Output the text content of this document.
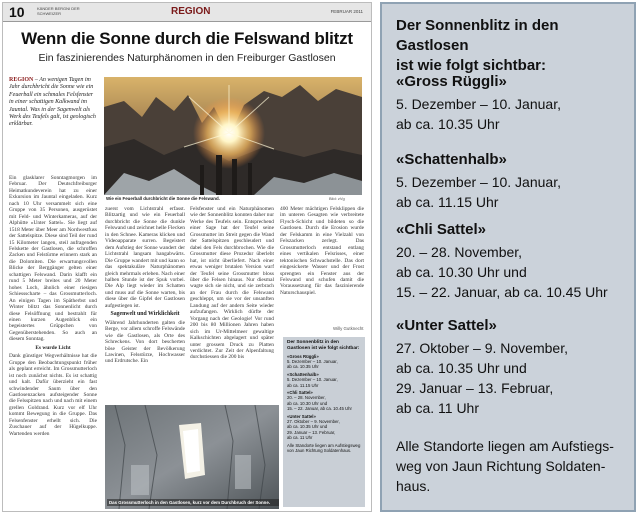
10	KÄNDER BERGNI DER SCHWEIZER	REGION	FEBRUAR 2011
Wenn die Sonne durch die Felswand blitzt
Ein faszinierendes Naturphänomen in den Freiburger Gastlosen
REGION – An wenigen Tagen im Jahr durchbricht die Sonne wie ein Feuerball ein schmales Felsfenster in einer schattigen Kalkwand im Jauntal. Was in der Sagenwelt als Werk des Teufels galt, ist geologisch erklärbar.
Ein glasklarer Sonntagmorgen im Februar. Der Deutschfreiburger Heimatkundeverein hat zu einer Exkursion im Jauntal eingeladen. Kurz nach 10 Uhr versammelt sich eine Gruppe von 35 Personen, ausgerüstet mit Feld- und Winterkameras, auf der Alphütte «Unter Sattel». Sie liegt auf 1518 Meter über Meer am Nordwestfuss der Sattelspitze. Diese sind Teil der rund 15 Kilometer langen, steil aufragenden Felskette der Gastlosen, die schroffen Zacken und Felstürme erinnern stark an die Dolomiten. Die erwartungsvollen Blicke der Berggänger gelten einer schattigen Felswand. Darin klafft ein rund 5 Meter breites und 20 Meter hohes Loch, ähnlich einer riesigen Schiessscharte – das Grossmutterloch. An einigen Tagen im Spätherbst und Winter blitzt das Sonnenlicht durch diese Felsöffnung und bestrahlt für einen kurzen Augenblick ein begeistertes Grüppchen von Gegenüberstehenden. So auch an diesem Sonntag.
Es wurde Licht
Dank günstiger Wegverhältnisse hat die Gruppe den Beobachtungspunkt früher als geplant erreicht. Im Grossmutterloch ist noch zunächst nichts. Es ist schattig und kalt. Dafür überzieht ein fast schwindender Saum über den Gastlosenzacken aufsteigender Sonne die Felsspitzen nach und nach mit einem grellen Goldrand. Kurz vor elf Uhr kommt Bewegung in die Gruppe. Das Felsenfenster erhellt sich. Die Zuschauer auf der Hügelkuppe. Wartenden werden
Wie ein Feuerball durchbricht die Sonne die Felswand.	Bild: zVg
zuerst vom Lichtstrahl erfasst. Blitzartig und wie ein Feuerball durchbricht die Sonne die dunkle Felswand und zeichnet helle Flecken in den Schnee. Kameras klicken und Videoapparate surren. Begeistert dem Aufstieg der Sonne wandert der Lichtstrahl langsam hangabwärts. Die Gruppe wandert mit und kann so das spektakuläre Naturphänomen gleich mehrmals erleben. Nach einer halben Stunde ist der Spuk vorbei. Die Alp liegt wieder im Schatten und muss auf die Sonne warten, bis diese über die Gipfel der Gastlosen aufgestiegen ist.
Sagenwelt und Wirklichkeit
Während Jahrhunderten galten die Berge, vor allem schroffe Felswände wie die Gastlosen, als Orte des Schreckens. Von dort bescherten böse Geister der Bevölkerung Lawinen, Felsstürze, Hochwasser und Erdrutsche. Ein
Felsfenster und ein Naturphänomen wie der Sonnenblitz konnten daher nur Werke des Teufels sein. Entsprechend einer Sage hat der Teufel seine Grossmutter im Streit gegen die Wand der Sattelspitzen geschleudert und dabei den Fels durchbrochen. Wie die Grossmutter diese Prozedur überlebt hat, ist nicht überliefert. Nach einer etwas weniger brutalen Version warf der Teufel seine Grossmutter bloss über die Felsen hinaus. Nur diesmal wagte sich sie nicht, und sie zerbrach an der Frau durch die Felswand geschleppt, um sie vor der unsanften Landung auf der andern Seite wieder aufzufangen. Wirklich dürfte der Vorgang nach der Geologie! Vor rund 200 bis 80 Millionen Jahren haben sich im Ur-Mittelmeer gewaltige Kalkschichten abgelagert und später unter grossem Druck zu Platten verdichtet. Zur Zeit der Alpenfaltung durchstiessen die 200 bis
400 Meter mächtigen Felsklippen die im unteren Gesagten wie verbreitete Flysch-Schicht und bildeten so die Gastlosen. Durch die Erosion wurde der Felskamm in eine Vielzahl von Felszacken zerlegt. Das Grossmutterloch entstand entlang eines vertikalen Felsrisses, einer tektonischen Schwachstelle. Das dort eingesickerte Wasser und der Frost sprengten ein Fenster aus der Felswand und schufen damit die Voraussetzung für das faszinierende Naturschauspiel.
Willy Gutknecht
Der Sonnenblitz in den Gastlosen ist wie folgt sichtbar:
«Gross Rüggli»
5. Dezember – 10. Januar,
ab ca. 10.35 Uhr
«Schattenhalb»
5. Dezember – 10. Januar,
ab ca. 11.15 Uhr
«Chli Sattel»
20. – 28. November,
ab ca. 10.30 Uhr und
15. – 22. Januar, ab ca. 10.45 Uhr
«Unter Sattel»
27. Oktober – 9. November,
ab ca. 10.35 Uhr und
29. Januar – 13. Februar,
ab ca. 11 Uhr
Alle Standorte liegen am Aufstiegsweg von Jaun Richtung Soldatenhaus.
Das Grossmutterloch in den Gastlosen, kurz vor dem Durchbruch der Sonne.
Der Sonnenblitz in den Gastlosen
ist wie folgt sichtbar:
«Gross Rüggli»
5. Dezember – 10. Januar,
ab ca. 10.35 Uhr
«Schattenhalb»
5. Dezember – 10. Januar,
ab ca. 11.15 Uhr
«Chli Sattel»
20. – 28. November,
ab ca. 10.30 Uhr und
15. – 22. Januar, ab ca. 10.45 Uhr
«Unter Sattel»
27. Oktober – 9. November,
ab ca. 10.35 Uhr und
29. Januar – 13. Februar,
ab ca. 11 Uhr
Alle Standorte liegen am Aufstiegs-
weg von Jaun Richtung Soldaten-
haus.
